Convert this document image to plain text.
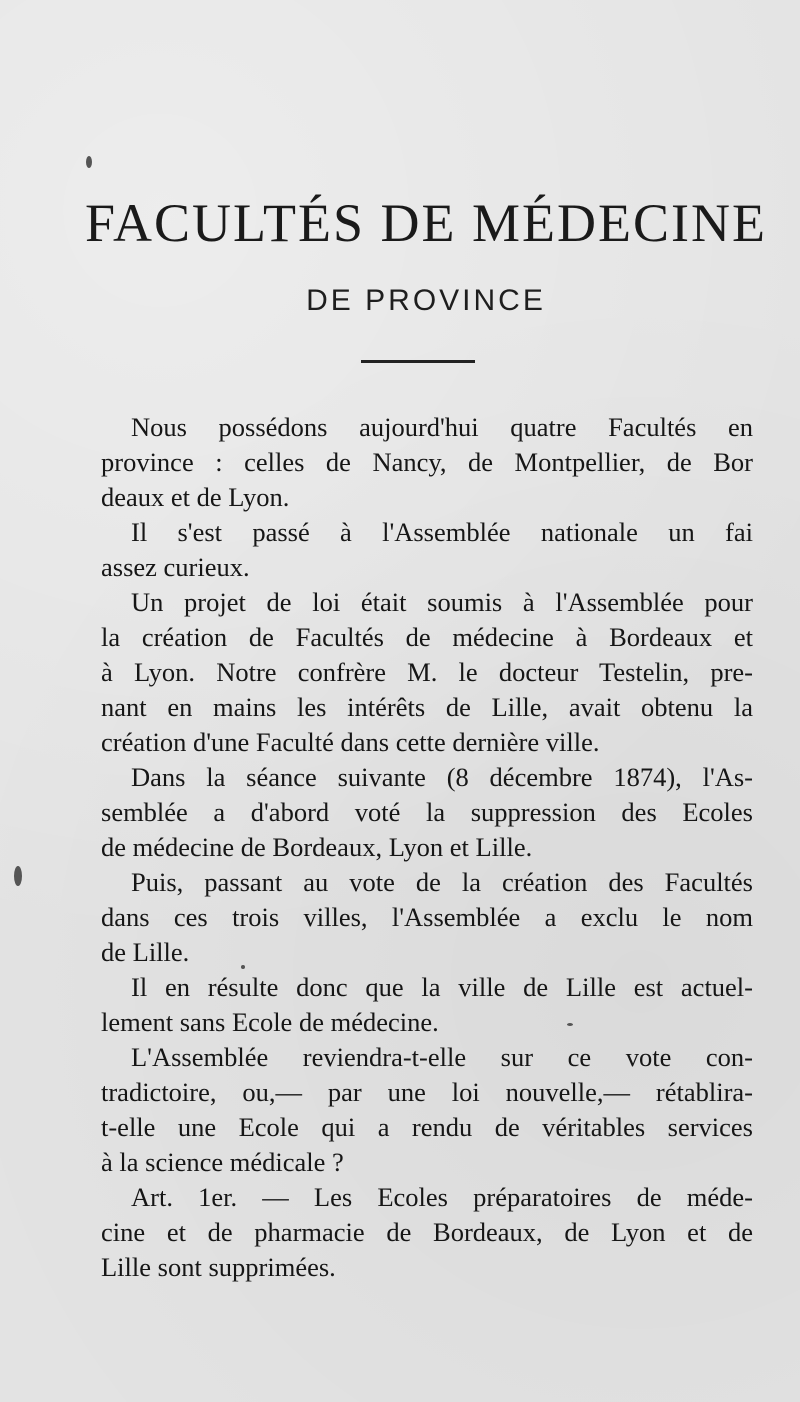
FACULTÉS DE MÉDECINE
DE PROVINCE
Nous possédons aujourd'hui quatre Facultés en
province : celles de Nancy, de Montpellier, de Bor
deaux et de Lyon.
Il s'est passé à l'Assemblée nationale un fai
assez curieux.
Un projet de loi était soumis à l'Assemblée pour
la création de Facultés de médecine à Bordeaux et
à Lyon. Notre confrère M. le docteur Testelin, pre-
nant en mains les intérêts de Lille, avait obtenu la
création d'une Faculté dans cette dernière ville.
Dans la séance suivante (8 décembre 1874), l'As-
semblée a d'abord voté la suppression des Ecoles
de médecine de Bordeaux, Lyon et Lille.
Puis, passant au vote de la création des Facultés
dans ces trois villes, l'Assemblée a exclu le nom
de Lille.
Il en résulte donc que la ville de Lille est actuel-
lement sans Ecole de médecine.
L'Assemblée reviendra-t-elle sur ce vote con-
tradictoire, ou,— par une loi nouvelle,— rétablira-
t-elle une Ecole qui a rendu de véritables services
à la science médicale ?
Art. 1er. — Les Ecoles préparatoires de méde-
cine et de pharmacie de Bordeaux, de Lyon et de
Lille sont supprimées.
